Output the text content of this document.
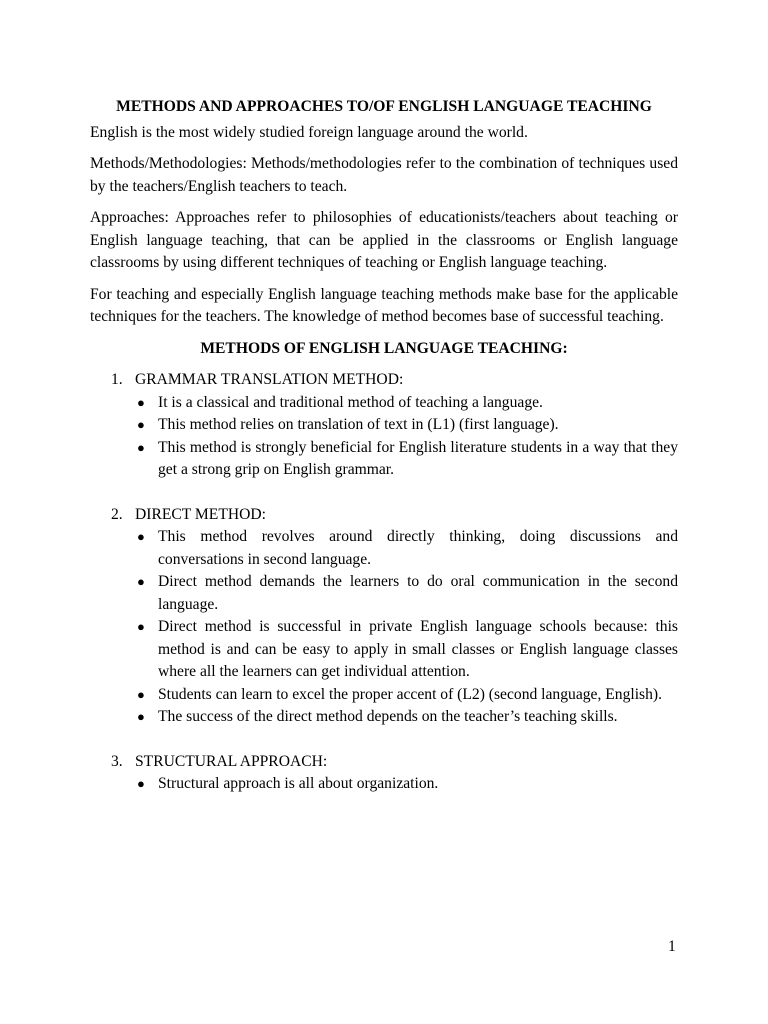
METHODS AND APPROACHES TO/OF ENGLISH LANGUAGE TEACHING

English is the most widely studied foreign language around the world.

Methods/Methodologies: Methods/methodologies refer to the combination of techniques used by the teachers/English teachers to teach.

Approaches: Approaches refer to philosophies of educationists/teachers about teaching or English language teaching, that can be applied in the classrooms or English language classrooms by using different techniques of teaching or English language teaching.

For teaching and especially English language teaching methods make base for the applicable techniques for the teachers. The knowledge of method becomes base of successful teaching.

METHODS OF ENGLISH LANGUAGE TEACHING:
1. GRAMMAR TRANSLATION METHOD:
● It is a classical and traditional method of teaching a language.
● This method relies on translation of text in (L1) (first language).
● This method is strongly beneficial for English literature students in a way that they get a strong grip on English grammar.
2. DIRECT METHOD:
● This method revolves around directly thinking, doing discussions and conversations in second language.
● Direct method demands the learners to do oral communication in the second language.
● Direct method is successful in private English language schools because: this method is and can be easy to apply in small classes or English language classes where all the learners can get individual attention.
● Students can learn to excel the proper accent of (L2) (second language, English).
● The success of the direct method depends on the teacher’s teaching skills.
3. STRUCTURAL APPROACH:
● Structural approach is all about organization.
1
